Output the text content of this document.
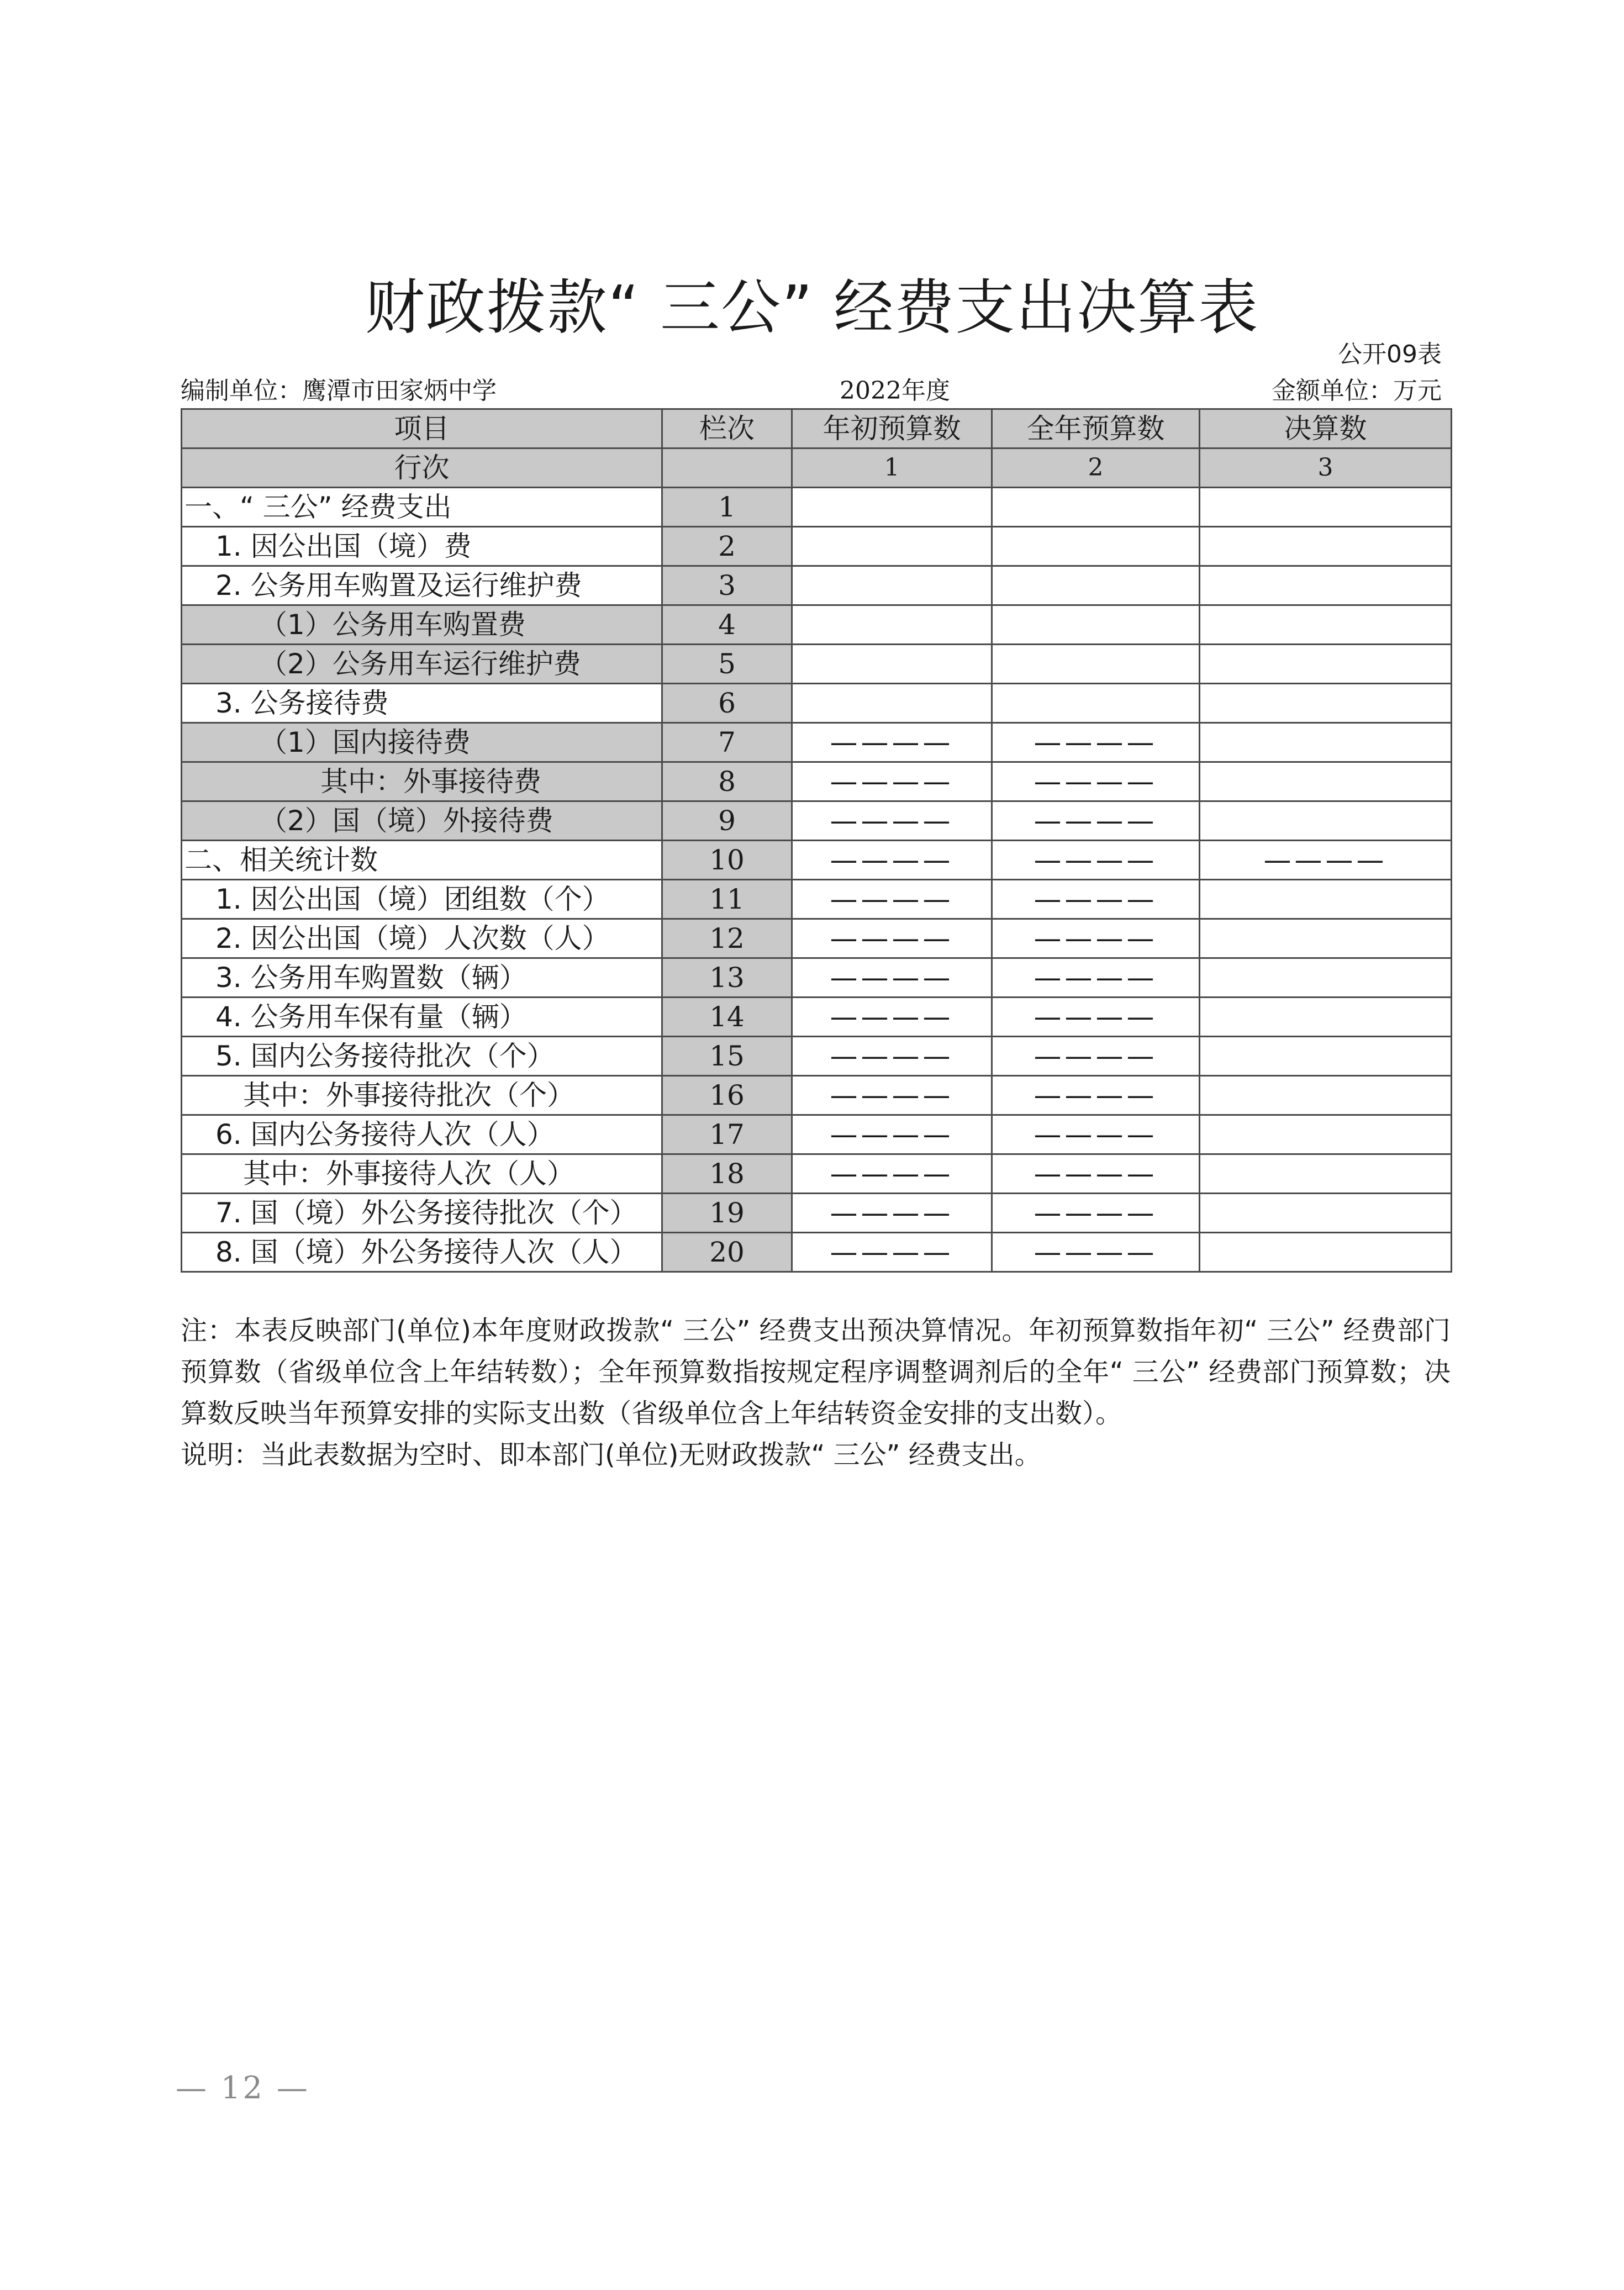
财政拨款“ 三公” 经费支出决算表
公开09表
编制单位：鹰潭市田家炳中学	2022年度	金额单位：万元
项目	栏次	年初预算数	全年预算数	决算数
行次		1	2	3
一、“ 三公” 经费支出	1			
1. 因公出国（境）费	2			
2. 公务用车购置及运行维护费	3			
（1）公务用车购置费	4			
（2）公务用车运行维护费	5			
3. 公务接待费	6			
（1）国内接待费	7	————	————	
其中：外事接待费	8	————	————	
（2）国（境）外接待费	9	————	————	
二、相关统计数	10	————	————	————
1. 因公出国（境）团组数（个）	11	————	————	
2. 因公出国（境）人次数（人）	12	————	————	
3. 公务用车购置数（辆）	13	————	————	
4. 公务用车保有量（辆）	14	————	————	
5. 国内公务接待批次（个）	15	————	————	
其中：外事接待批次（个）	16	————	————	
6. 国内公务接待人次（人）	17	————	————	
其中：外事接待人次（人）	18	————	————	
7. 国（境）外公务接待批次（个）	19	————	————	
8. 国（境）外公务接待人次（人）	20	————	————	

注：本表反映部门(单位)本年度财政拨款“ 三公” 经费支出预决算情况。年初预算数指年初“ 三公” 经费部门预算数（省级单位含上年结转数）；全年预算数指按规定程序调整调剂后的全年“ 三公” 经费部门预算数；决算数反映当年预算安排的实际支出数（省级单位含上年结转资金安排的支出数）。

说明：当此表数据为空时、即本部门(单位)无财政拨款“ 三公” 经费支出。

— 12 —
